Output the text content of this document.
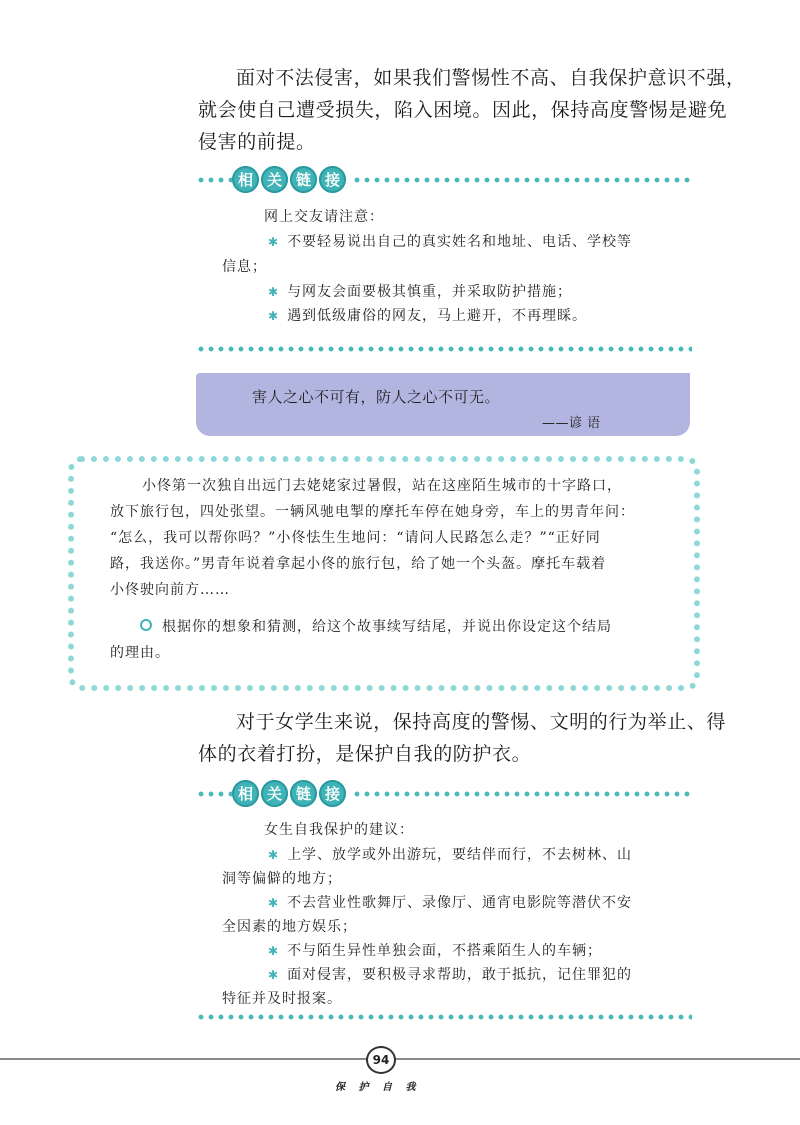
面对不法侵害，如果我们警惕性不高、自我保护意识不强，
就会使自己遭受损失，陷入困境。因此，保持高度警惕是避免
侵害的前提。

相 关 链 接

网上交友请注意：

✱ 不要轻易说出自己的真实姓名和地址、电话、学校等

信息；

✱ 与网友会面要极其慎重，并采取防护措施；

✱ 遇到低级庸俗的网友，马上避开，不再理睬。

害人之心不可有，防人之心不可无。
——谚 语

小佟第一次独自出远门去姥姥家过暑假，站在这座陌生城市的十字路口，

放下旅行包，四处张望。一辆风驰电掣的摩托车停在她身旁，车上的男青年问：

“怎么，我可以帮你吗？”小佟怯生生地问：“请问人民路怎么走？”“正好同

路，我送你。”男青年说着拿起小佟的旅行包，给了她一个头盔。摩托车载着

小佟驶向前方……

根据你的想象和猜测，给这个故事续写结尾，并说出你设定这个结局

的理由。

对于女学生来说，保持高度的警惕、文明的行为举止、得
体的衣着打扮，是保护自我的防护衣。

相 关 链 接

女生自我保护的建议：

✱ 上学、放学或外出游玩，要结伴而行，不去树林、山

洞等偏僻的地方；

✱ 不去营业性歌舞厅、录像厅、通宵电影院等潜伏不安

全因素的地方娱乐；

✱ 不与陌生异性单独会面，不搭乘陌生人的车辆；

✱ 面对侵害，要积极寻求帮助，敢于抵抗，记住罪犯的

特征并及时报案。

94
保 护 自 我
